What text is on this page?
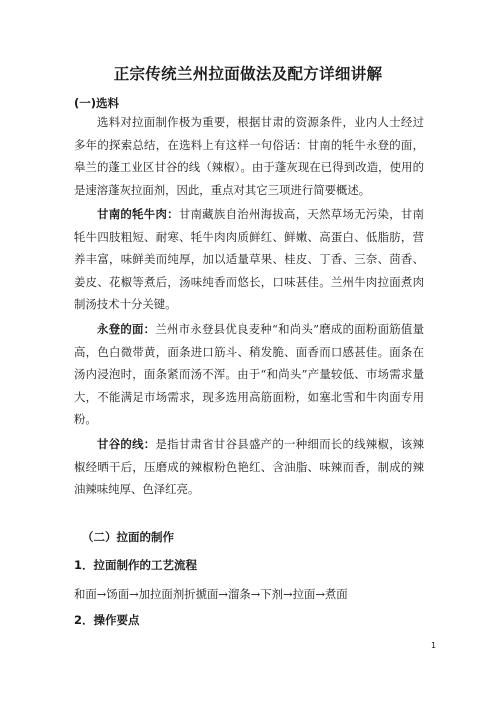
正宗传统兰州拉面做法及配方详细讲解
(一)选料
选料对拉面制作极为重要，根据甘肃的资源条件，业内人士经过多年的探索总结，在选料上有这样一句俗话：甘南的牦牛永登的面，皋兰的蓬工业区甘谷的线（辣椒）。由于蓬灰现在已得到改造，使用的是速溶蓬灰拉面剂，因此，重点对其它三项进行简要概述。
甘南的牦牛肉：甘南藏族自治州海拔高，天然草场无污染，甘南牦牛四肢粗短、耐寒、牦牛肉肉质鲜红、鲜嫩、高蛋白、低脂肪，营养丰富，味鲜美而纯厚，加以适量草果、桂皮、丁香、三奈、茴香、姜皮、花椒等煮后，汤味纯香而悠长，口味甚佳。兰州牛肉拉面煮肉制汤技术十分关键。
永登的面：兰州市永登县优良麦种“和尚头”磨成的面粉面筋值量高，色白微带黄，面条进口筋斗、稍发脆、面香而口感甚佳。面条在汤内浸泡时，面条紧而汤不浑。由于“和尚头”产量较低、市场需求量大，不能满足市场需求，现多选用高筋面粉，如塞北雪和牛肉面专用粉。
甘谷的线：是指甘肃省甘谷县盛产的一种细而长的线辣椒，该辣椒经晒干后，压磨成的辣椒粉色艳红、含油脂、味辣而香，制成的辣油辣味纯厚、色泽红亮。
（二）拉面的制作
1．拉面制作的工艺流程
和面→饧面→加拉面剂折搋面→溜条→下剂→拉面→煮面
2．操作要点
1
